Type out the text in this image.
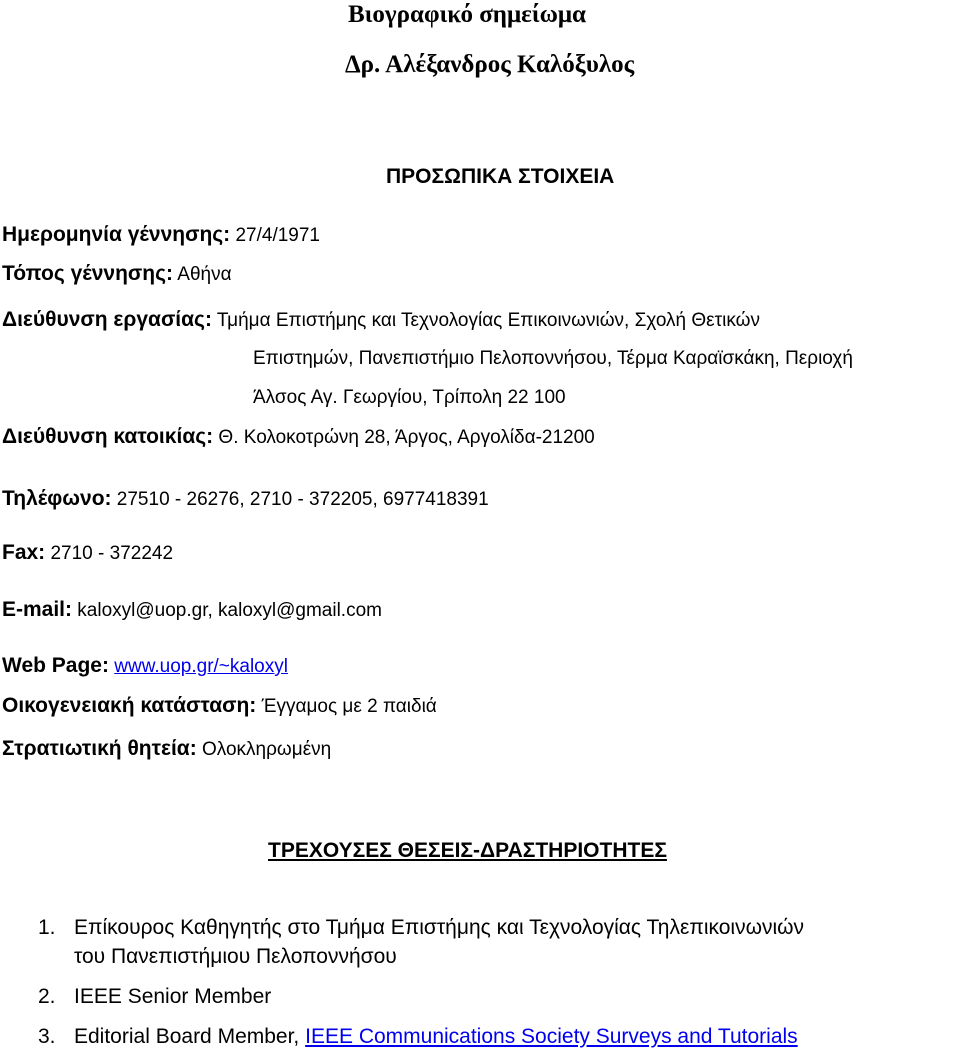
Βιογραφικό σημείωμα
Δρ. Αλέξανδρος Καλόξυλος
ΠΡΟΣΩΠΙΚΑ ΣΤΟΙΧΕΙΑ
Ημερομηνία γέννησης: 27/4/1971
Τόπος γέννησης: Αθήνα
Διεύθυνση εργασίας: Τμήμα Επιστήμης και Τεχνολογίας Επικοινωνιών, Σχολή Θετικών
Επιστημών, Πανεπιστήμιο Πελοποννήσου, Τέρμα Καραϊσκάκη, Περιοχή
Άλσος Αγ. Γεωργίου, Τρίπολη 22 100
Διεύθυνση κατοικίας: Θ. Κολοκοτρώνη 28, Άργος, Αργολίδα-21200
Τηλέφωνο: 27510 - 26276, 2710 - 372205, 6977418391
Fax: 2710 - 372242
E-mail: kaloxyl@uop.gr, kaloxyl@gmail.com
Web Page: www.uop.gr/~kaloxyl
Οικογενειακή κατάσταση: Έγγαμος με 2 παιδιά
Στρατιωτική θητεία: Ολοκληρωμένη
ΤΡΕΧΟΥΣΕΣ ΘΕΣΕΙΣ-ΔΡΑΣΤΗΡΙΟΤΗΤΕΣ
1. Επίκουρος Καθηγητής στο Τμήμα Επιστήμης και Τεχνολογίας Τηλεπικοινωνιών
του Πανεπιστήμιου Πελοποννήσου
2. IEEE Senior Member
3. Editorial Board Member, IEEE Communications Society Surveys and Tutorials
